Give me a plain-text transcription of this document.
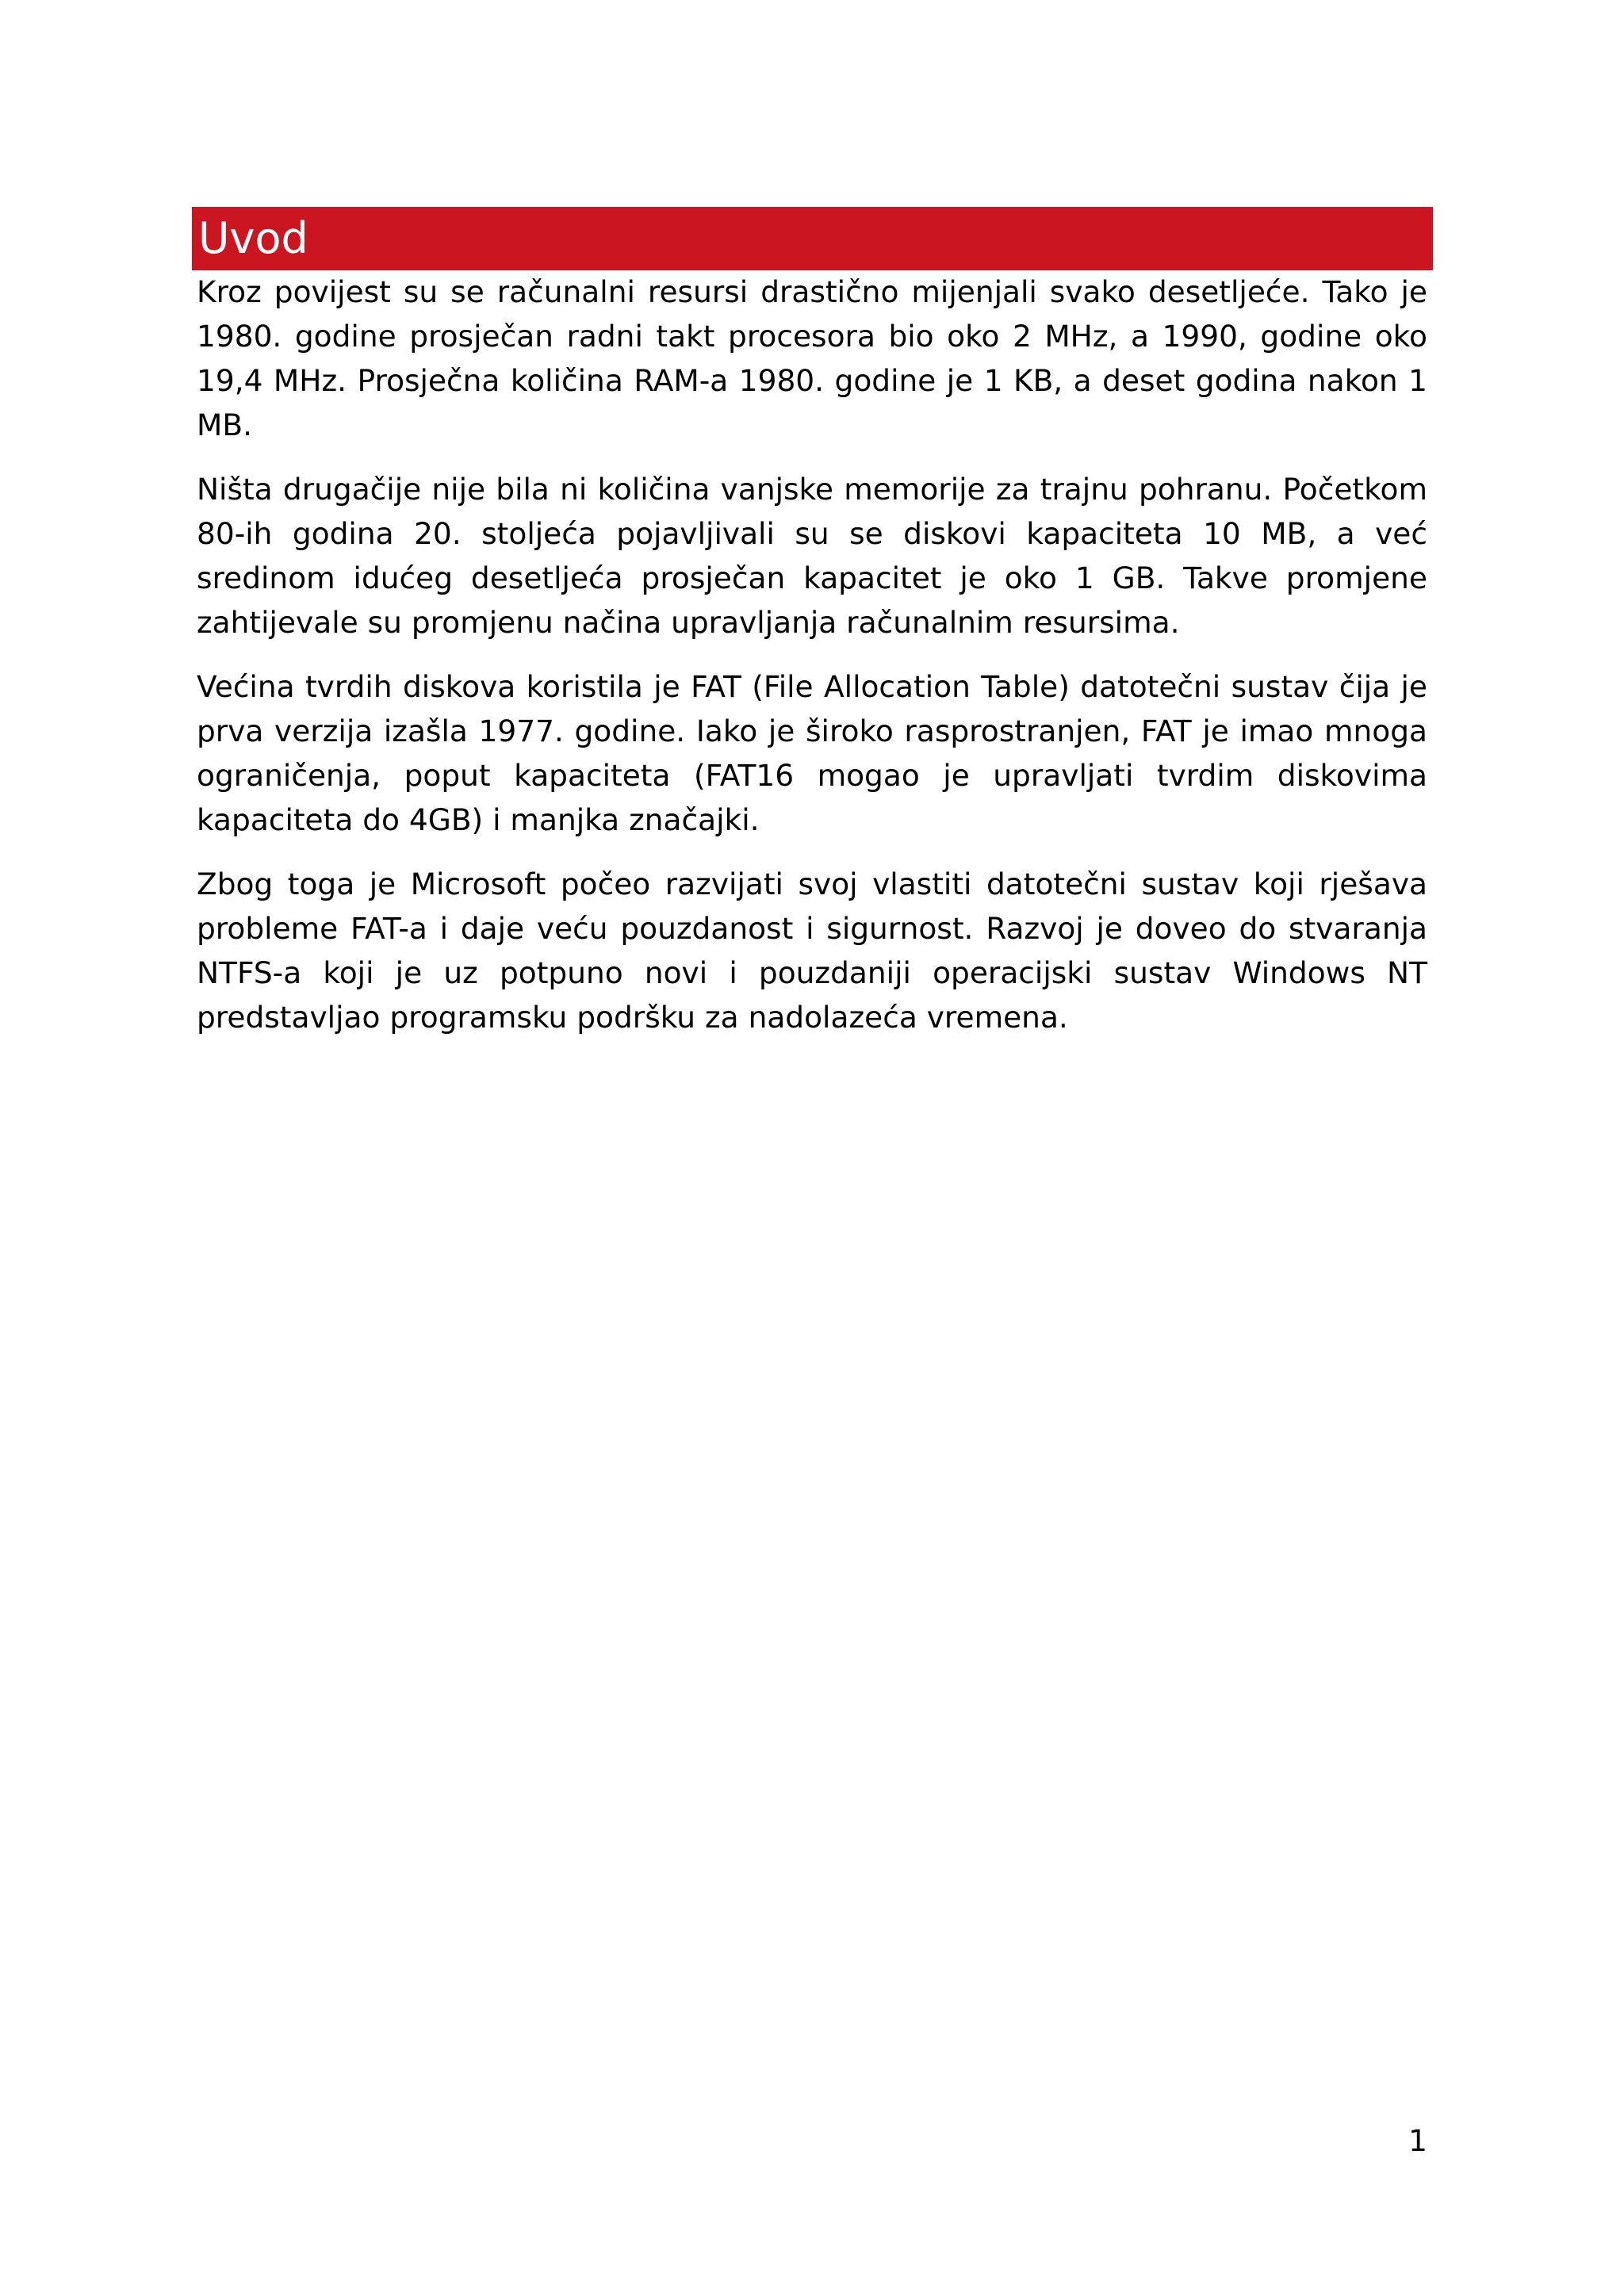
Uvod

Kroz povijest su se računalni resursi drastično mijenjali svako desetljeće. Tako je 1980. godine prosječan radni takt procesora bio oko 2 MHz, a 1990, godine oko 19,4 MHz. Prosječna količina RAM-a 1980. godine je 1 KB, a deset godina nakon 1 MB.

Ništa drugačije nije bila ni količina vanjske memorije za trajnu pohranu. Početkom 80-ih godina 20. stoljeća pojavljivali su se diskovi kapaciteta 10 MB, a već sredinom idućeg desetljeća prosječan kapacitet je oko 1 GB. Takve promjene zahtijevale su promjenu načina upravljanja računalnim resursima.

Većina tvrdih diskova koristila je FAT (File Allocation Table) datotečni sustav čija je prva verzija izašla 1977. godine. Iako je široko rasprostranjen, FAT je imao mnoga ograničenja, poput kapaciteta (FAT16 mogao je upravljati tvrdim diskovima kapaciteta do 4GB) i manjka značajki.

Zbog toga je Microsoft počeo razvijati svoj vlastiti datotečni sustav koji rješava probleme FAT-a i daje veću pouzdanost i sigurnost. Razvoj je doveo do stvaranja NTFS-a koji je uz potpuno novi i pouzdaniji operacijski sustav Windows NT predstavljao programsku podršku za nadolazeća vremena.

1
